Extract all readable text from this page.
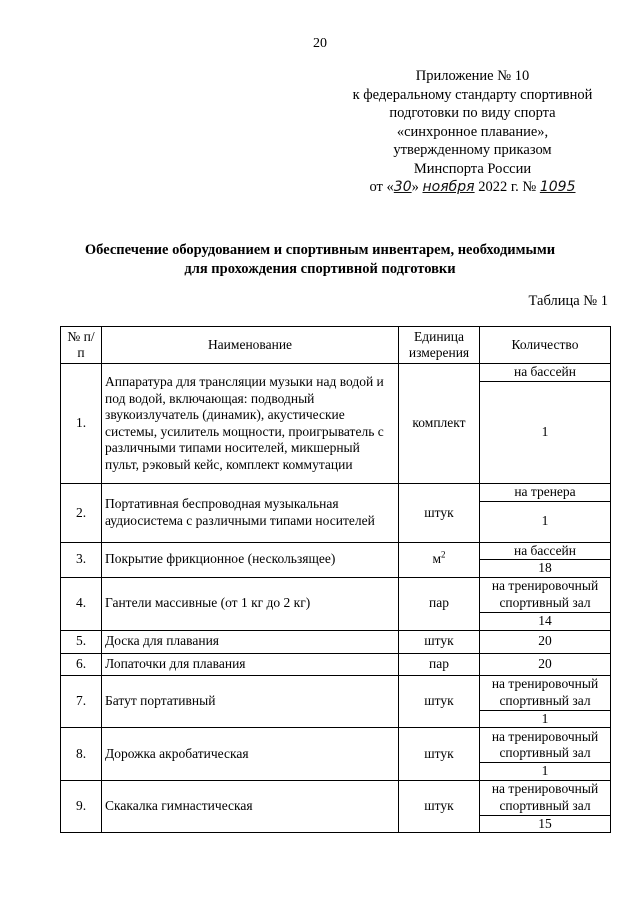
20
Приложение № 10
к федеральному стандарту спортивной
подготовки по виду спорта
«синхронное плавание»,
утвержденному приказом
Минспорта России
от «30» ноября 2022 г. № 1095
Обеспечение оборудованием и спортивным инвентарем, необходимыми
для прохождения спортивной подготовки
Таблица № 1
№ п/п	Наименование	Единица измерения	Количество
1.	Аппаратура для трансляции музыки над водой и под водой, включающая: подводный звукоизлучатель (динамик), акустические системы, усилитель мощности, проигрыватель с различными типами носителей, микшерный пульт, рэковый кейс, комплект коммутации	комплект	на бассейн
			1
2.	Портативная беспроводная музыкальная аудиосистема с различными типами носителей	штук	на тренера
			1
3.	Покрытие фрикционное (нескользящее)	$м^2$	на бассейн
			18
4.	Гантели массивные (от 1 кг до 2 кг)	пар	на тренировочный спортивный зал
			14
5.	Доска для плавания	штук	20
6.	Лопаточки для плавания	пар	20
7.	Батут портативный	штук	на тренировочный спортивный зал
			1
8.	Дорожка акробатическая	штук	на тренировочный спортивный зал
			1
9.	Скакалка гимнастическая	штук	на тренировочный спортивный зал
			15
